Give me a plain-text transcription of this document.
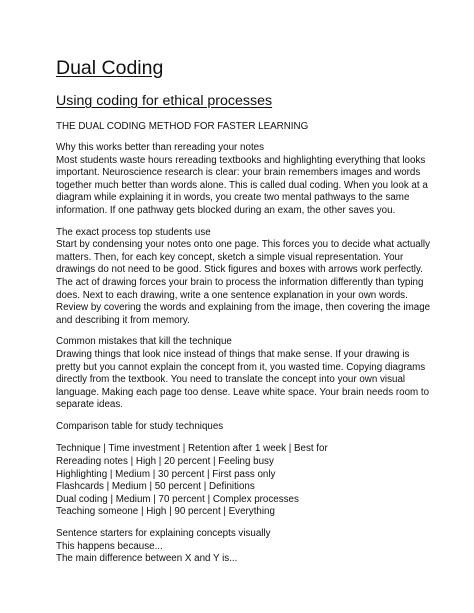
Dual Coding
Using coding for ethical processes

THE DUAL CODING METHOD FOR FASTER LEARNING

Why this works better than rereading your notes

Most students waste hours rereading textbooks and highlighting everything that looks important. Neuroscience research is clear: your brain remembers images and words together much better than words alone. This is called dual coding. When you look at a diagram while explaining it in words, you create two mental pathways to the same information. If one pathway gets blocked during an exam, the other saves you.

The exact process top students use

Start by condensing your notes onto one page. This forces you to decide what actually matters. Then, for each key concept, sketch a simple visual representation. Your drawings do not need to be good. Stick figures and boxes with arrows work perfectly. The act of drawing forces your brain to process the information differently than typing does. Next to each drawing, write a one sentence explanation in your own words. Review by covering the words and explaining from the image, then covering the image and describing it from memory.

Common mistakes that kill the technique

Drawing things that look nice instead of things that make sense. If your drawing is pretty but you cannot explain the concept from it, you wasted time. Copying diagrams directly from the textbook. You need to translate the concept into your own visual language. Making each page too dense. Leave white space. Your brain needs room to separate ideas.

Comparison table for study techniques

Technique | Time investment | Retention after 1 week | Best for

Rereading notes | High | 20 percent | Feeling busy

Highlighting | Medium | 30 percent | First pass only

Flashcards | Medium | 50 percent | Definitions

Dual coding | Medium | 70 percent | Complex processes

Teaching someone | High | 90 percent | Everything

Sentence starters for explaining concepts visually

This happens because...

The main difference between X and Y is...
